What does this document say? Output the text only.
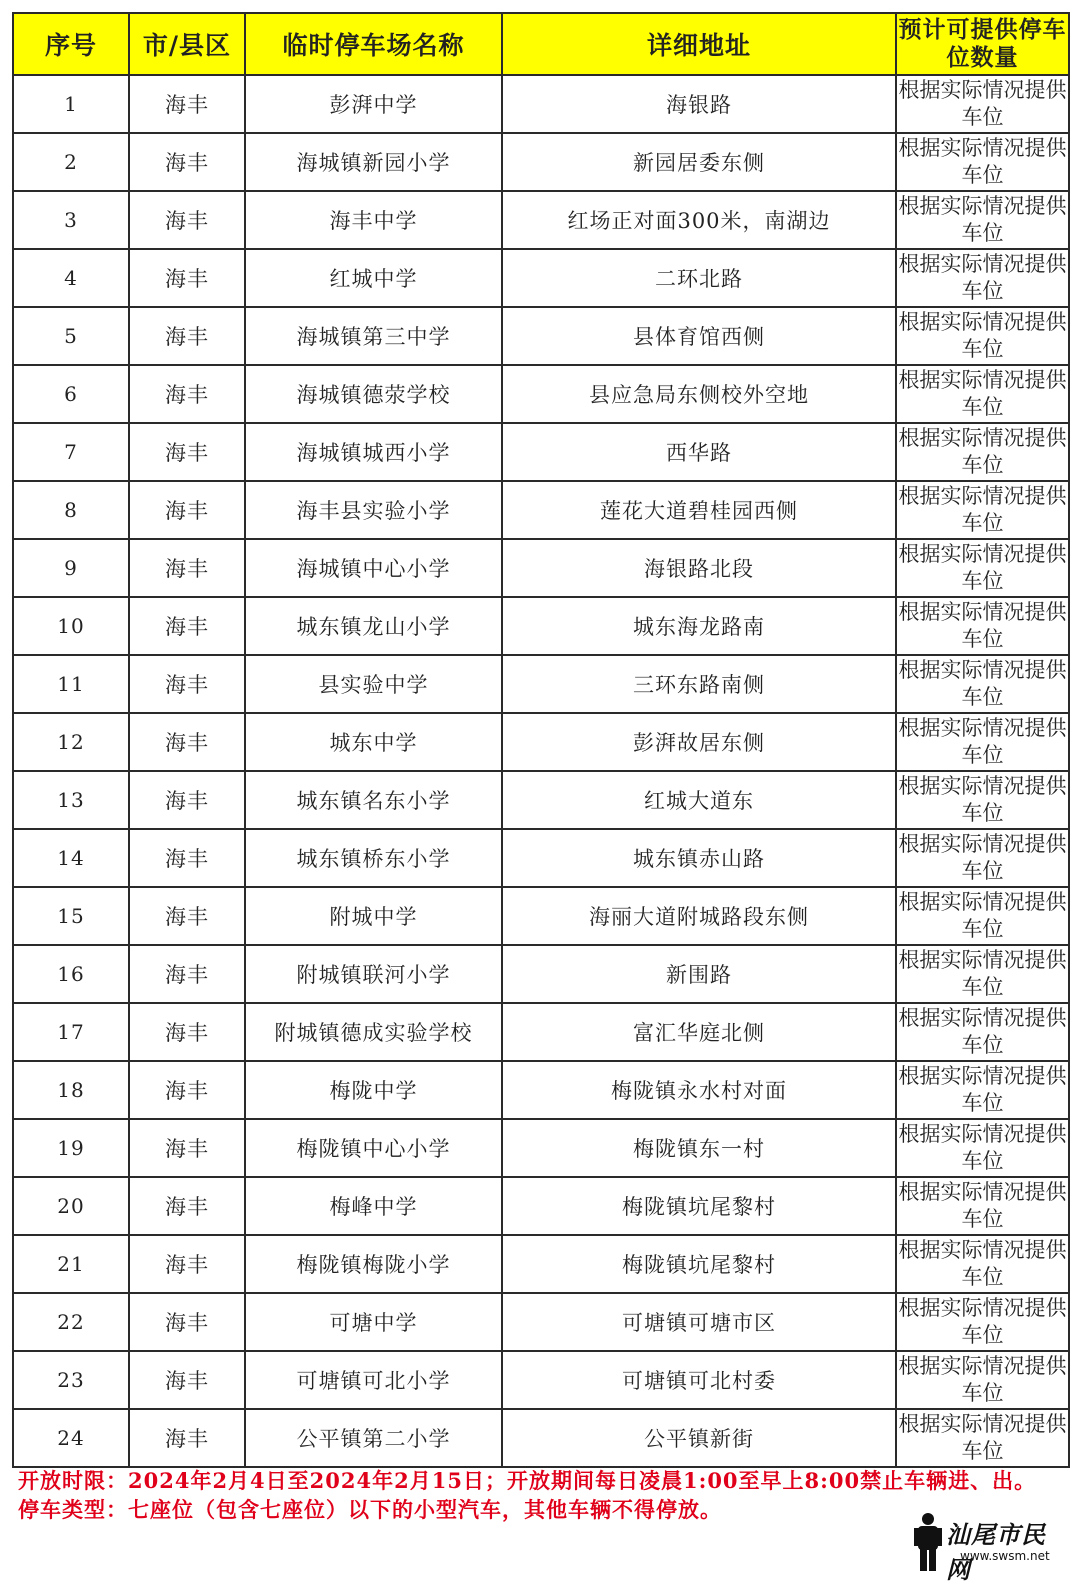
序号	市/县区	临时停车场名称	详细地址	预计可提供停车位数量
1	海丰	彭湃中学	海银路	根据实际情况提供车位
2	海丰	海城镇新园小学	新园居委东侧	根据实际情况提供车位
3	海丰	海丰中学	红场正对面300米，南湖边	根据实际情况提供车位
4	海丰	红城中学	二环北路	根据实际情况提供车位
5	海丰	海城镇第三中学	县体育馆西侧	根据实际情况提供车位
6	海丰	海城镇德荥学校	县应急局东侧校外空地	根据实际情况提供车位
7	海丰	海城镇城西小学	西华路	根据实际情况提供车位
8	海丰	海丰县实验小学	莲花大道碧桂园西侧	根据实际情况提供车位
9	海丰	海城镇中心小学	海银路北段	根据实际情况提供车位
10	海丰	城东镇龙山小学	城东海龙路南	根据实际情况提供车位
11	海丰	县实验中学	三环东路南侧	根据实际情况提供车位
12	海丰	城东中学	彭湃故居东侧	根据实际情况提供车位
13	海丰	城东镇名东小学	红城大道东	根据实际情况提供车位
14	海丰	城东镇桥东小学	城东镇赤山路	根据实际情况提供车位
15	海丰	附城中学	海丽大道附城路段东侧	根据实际情况提供车位
16	海丰	附城镇联河小学	新围路	根据实际情况提供车位
17	海丰	附城镇德成实验学校	富汇华庭北侧	根据实际情况提供车位
18	海丰	梅陇中学	梅陇镇永水村对面	根据实际情况提供车位
19	海丰	梅陇镇中心小学	梅陇镇东一村	根据实际情况提供车位
20	海丰	梅峰中学	梅陇镇坑尾黎村	根据实际情况提供车位
21	海丰	梅陇镇梅陇小学	梅陇镇坑尾黎村	根据实际情况提供车位
22	海丰	可塘中学	可塘镇可塘市区	根据实际情况提供车位
23	海丰	可塘镇可北小学	可塘镇可北村委	根据实际情况提供车位
24	海丰	公平镇第二小学	公平镇新街	根据实际情况提供车位

开放时限：2024年2月4日至2024年2月15日；开放期间每日凌晨1:00至早上8:00禁止车辆进、出。

停车类型：七座位（包含七座位）以下的小型汽车，其他车辆不得停放。

汕尾市民网
www.swsm.net
